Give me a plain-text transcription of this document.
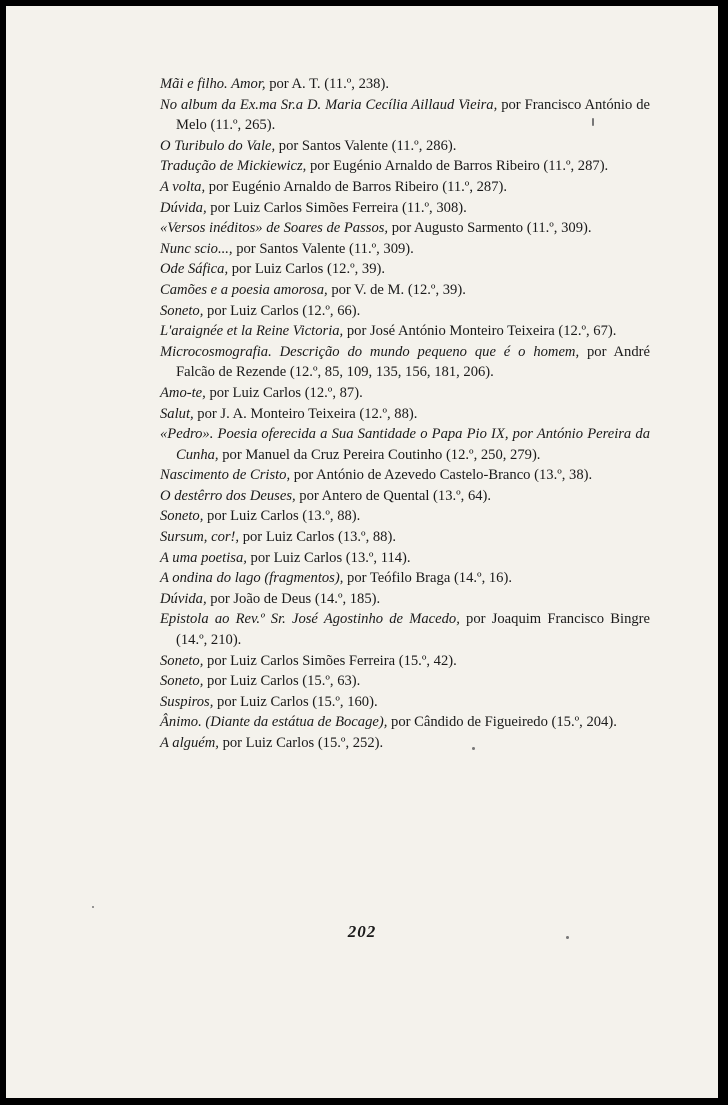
Mãi e filho. Amor, por A. T. (11.º, 238).

No album da Ex.ma Sr.a D. Maria Cecília Aillaud Vieira, por Francisco António de Melo (11.º, 265).

O Turibulo do Vale, por Santos Valente (11.º, 286).

Tradução de Mickiewicz, por Eugénio Arnaldo de Barros Ribeiro (11.º, 287).

A volta, por Eugénio Arnaldo de Barros Ribeiro (11.º, 287).

Dúvida, por Luiz Carlos Simões Ferreira (11.º, 308).

«Versos inéditos» de Soares de Passos, por Augusto Sarmento (11.º, 309).

Nunc scio..., por Santos Valente (11.º, 309).

Ode Sáfica, por Luiz Carlos (12.º, 39).

Camões e a poesia amorosa, por V. de M. (12.º, 39).

Soneto, por Luiz Carlos (12.º, 66).

L'araignée et la Reine Victoria, por José António Monteiro Teixeira (12.º, 67).

Microcosmografia. Descrição do mundo pequeno que é o homem, por André Falcão de Rezende (12.º, 85, 109, 135, 156, 181, 206).

Amo-te, por Luiz Carlos (12.º, 87).

Salut, por J. A. Monteiro Teixeira (12.º, 88).

«Pedro». Poesia oferecida a Sua Santidade o Papa Pio IX, por António Pereira da Cunha, por Manuel da Cruz Pereira Coutinho (12.º, 250, 279).

Nascimento de Cristo, por António de Azevedo Castelo-Branco (13.º, 38).

O destêrro dos Deuses, por Antero de Quental (13.º, 64).

Soneto, por Luiz Carlos (13.º, 88).

Sursum, cor!, por Luiz Carlos (13.º, 88).

A uma poetisa, por Luiz Carlos (13.º, 114).

A ondina do lago (fragmentos), por Teófilo Braga (14.º, 16).

Dúvida, por João de Deus (14.º, 185).

Epistola ao Rev.º Sr. José Agostinho de Macedo, por Joaquim Francisco Bingre (14.º, 210).

Soneto, por Luiz Carlos Simões Ferreira (15.º, 42).

Soneto, por Luiz Carlos (15.º, 63).

Suspiros, por Luiz Carlos (15.º, 160).

Ânimo. (Diante da estátua de Bocage), por Cândido de Figueiredo (15.º, 204).

A alguém, por Luiz Carlos (15.º, 252).

202
